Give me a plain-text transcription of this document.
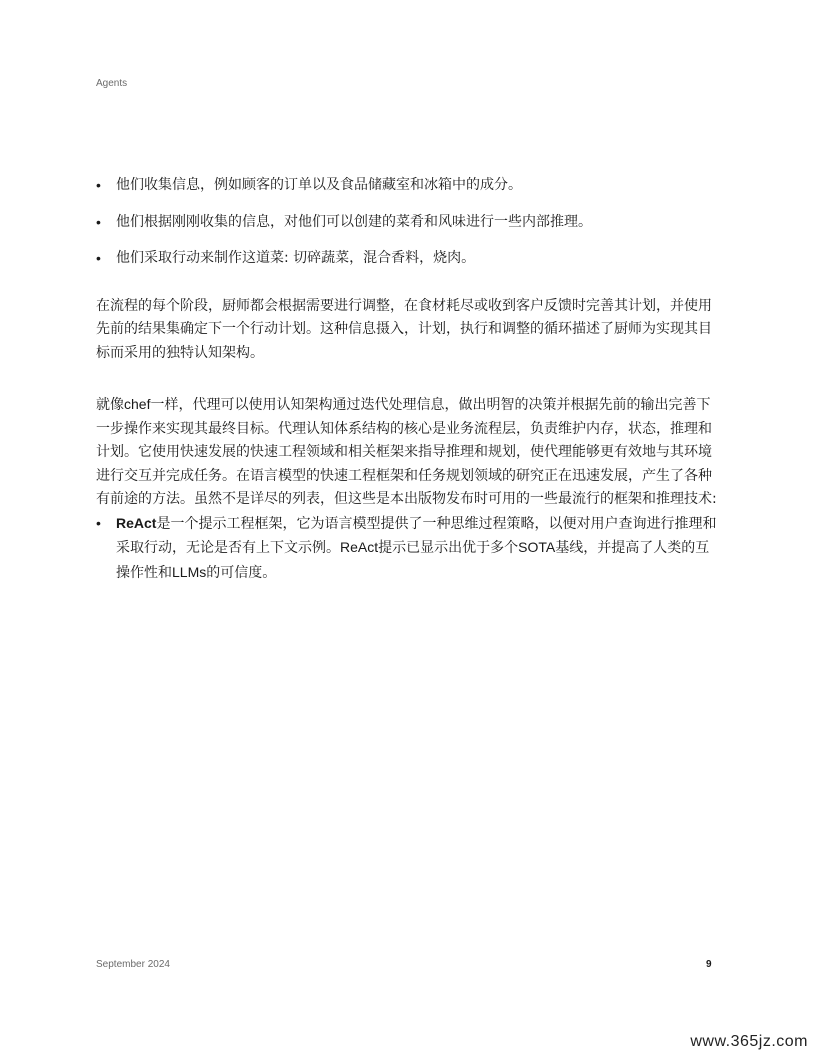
Agents
• 他们收集信息，例如顾客的订单以及食品储藏室和冰箱中的成分。
• 他们根据刚刚收集的信息，对他们可以创建的菜肴和风味进行一些内部推理。
• 他们采取行动来制作这道菜: 切碎蔬菜，混合香料，烧肉。

在流程的每个阶段，厨师都会根据需要进行调整，在食材耗尽或收到客户反馈时完善其计划，并使用先前的结果集确定下一个行动计划。这种信息摄入，计划，执行和调整的循环描述了厨师为实现其目标而采用的独特认知架构。

就像chef一样，代理可以使用认知架构通过迭代处理信息，做出明智的决策并根据先前的输出完善下一步操作来实现其最终目标。代理认知体系结构的核心是业务流程层，负责维护内存，状态，推理和计划。它使用快速发展的快速工程领域和相关框架来指导推理和规划，使代理能够更有效地与其环境进行交互并完成任务。在语言模型的快速工程框架和任务规划领域的研究正在迅速发展，产生了各种有前途的方法。虽然不是详尽的列表，但这些是本出版物发布时可用的一些最流行的框架和推理技术:

• ReAct是一个提示工程框架，它为语言模型提供了一种思维过程策略，以便对用户查询进行推理和采取行动，无论是否有上下文示例。ReAct提示已显示出优于多个SOTA基线，并提高了人类的互操作性和LLMs的可信度。
September 2024	9
www.365jz.com
